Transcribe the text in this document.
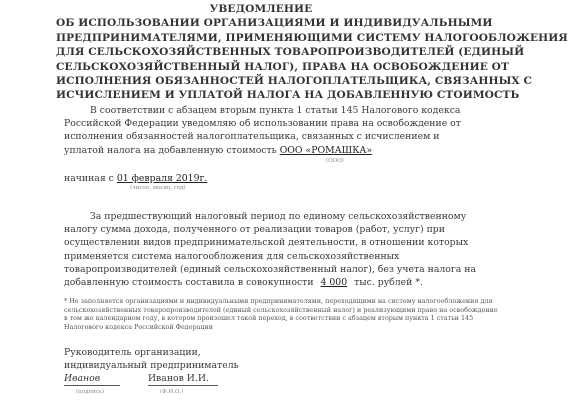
УВЕДОМЛЕНИЕ
ОБ ИСПОЛЬЗОВАНИИ ОРГАНИЗАЦИЯМИ И ИНДИВИДУАЛЬНЫМИ
ПРЕДПРИНИМАТЕЛЯМИ, ПРИМЕНЯЮЩИМИ СИСТЕМУ НАЛОГООБЛОЖЕНИЯ
ДЛЯ СЕЛЬСКОХОЗЯЙСТВЕННЫХ ТОВАРОПРОИЗВОДИТЕЛЕЙ (ЕДИНЫЙ
СЕЛЬСКОХОЗЯЙСТВЕННЫЙ НАЛОГ), ПРАВА НА ОСВОБОЖДЕНИЕ ОТ
ИСПОЛНЕНИЯ ОБЯЗАННОСТЕЙ НАЛОГОПЛАТЕЛЬЩИКА, СВЯЗАННЫХ С
ИСЧИСЛЕНИЕМ И УПЛАТОЙ НАЛОГА НА ДОБАВЛЕННУЮ СТОИМОСТЬ
В соответствии с абзацем вторым пункта 1 статьи 145 Налогового кодекса
Российской Федерации уведомляю об использовании права на освобождение от
исполнения обязанностей налогоплательщика, связанных с исчислением и
уплатой налога на добавленную стоимость ООО «РОМАШКА»
(ООО)
начиная с 01 февраля 2019г.
(число, месяц, год)
За предшествующий налоговый период по единому сельскохозяйственному
налогу сумма дохода, полученного от реализации товаров (работ, услуг) при
осуществлении видов предпринимательской деятельности, в отношении которых
применяется система налогообложения для сельскохозяйственных
товаропроизводителей (единый сельскохозяйственный налог), без учета налога на
добавленную стоимость составила в совокупности 4 000 тыс. рублей *.
* Не заполняется организациями и индивидуальными предпринимателями, переходящими на систему налогообложения для
сельскохозяйственных товаропроизводителей (единый сельскохозяйственный налог) и реализующими право на освобождение
в том же календарном году, в котором произошел такой переход, в соответствии с абзацем вторым пункта 1 статьи 145
Налогового кодекса Российской Федерации
Руководитель организации,
индивидуальный предприниматель
Иванов	Иванов И.И.
(подпись)	(Ф.И.О.)
